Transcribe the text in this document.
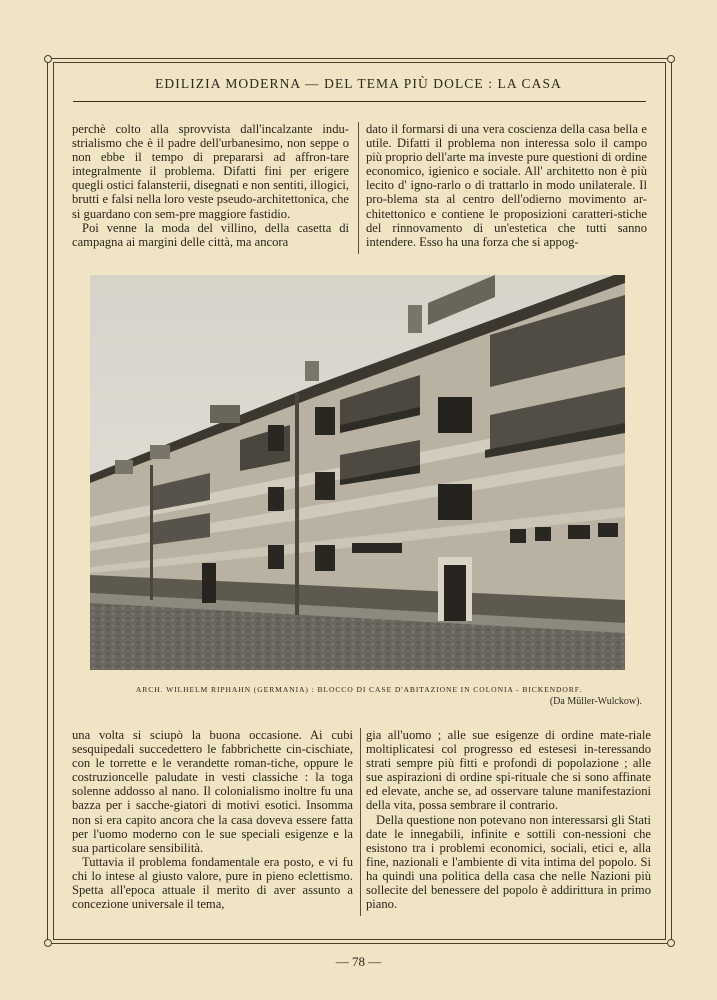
EDILIZIA MODERNA — DEL TEMA PIÙ DOLCE : LA CASA

perchè colto alla sprovvista dall'incalzante indu-strialismo che è il padre dell'urbanesimo, non seppe o non ebbe il tempo di prepararsi ad affron-tare integralmente il problema. Difatti fini per erigere quegli ostici falansterii, disegnati e non sentiti, illogici, brutti e falsi nella loro veste pseudo-architettonica, che si guardano con sem-pre maggiore fastidio.

Poi venne la moda del villino, della casetta di campagna ai margini delle città, ma ancora

dato il formarsi di una vera coscienza della casa bella e utile. Difatti il problema non interessa solo il campo più proprio dell'arte ma investe pure questioni di ordine economico, igienico e sociale. All' architetto non è più lecito d' igno-rarlo o di trattarlo in modo unilaterale. Il pro-blema sta al centro dell'odierno movimento ar-chitettonico e contiene le proposizioni caratteri-stiche del rinnovamento di un'estetica che tutti sanno intendere. Esso ha una forza che si appog-

ARCH. WILHELM RIPHAHN (GERMANIA) : BLOCCO DI CASE D'ABITAZIONE IN COLONIA - BICKENDORF.
(Da Müller-Wulckow).

una volta si sciupò la buona occasione. Ai cubi sesquipedali succedettero le fabbrichette cin-cischiate, con le torrette e le verandette roman-tiche, oppure le costruzioncelle paludate in vesti classiche : la toga solenne addosso al nano. Il colonialismo inoltre fu una bazza per i sacche-giatori di motivi esotici. Insomma non si era capito ancora che la casa doveva essere fatta per l'uomo moderno con le sue speciali esigenze e la sua particolare sensibilità.

Tuttavia il problema fondamentale era posto, e vi fu chi lo intese al giusto valore, pure in pieno eclettismo. Spetta all'epoca attuale il merito di aver assunto a concezione universale il tema,

gia all'uomo ; alle sue esigenze di ordine mate-riale moltiplicatesi col progresso ed estesesi in-teressando strati sempre più fitti e profondi di popolazione ; alle sue aspirazioni di ordine spi-rituale che si sono affinate ed elevate, anche se, ad osservare talune manifestazioni della vita, possa sembrare il contrario.

Della questione non potevano non interessarsi gli Stati date le innegabili, infinite e sottili con-nessioni che esistono tra i problemi economici, sociali, etici e, alla fine, nazionali e l'ambiente di vita intima del popolo. Si ha quindi una politica della casa che nelle Nazioni più sollecite del benessere del popolo è addirittura in primo piano.

— 78 —
